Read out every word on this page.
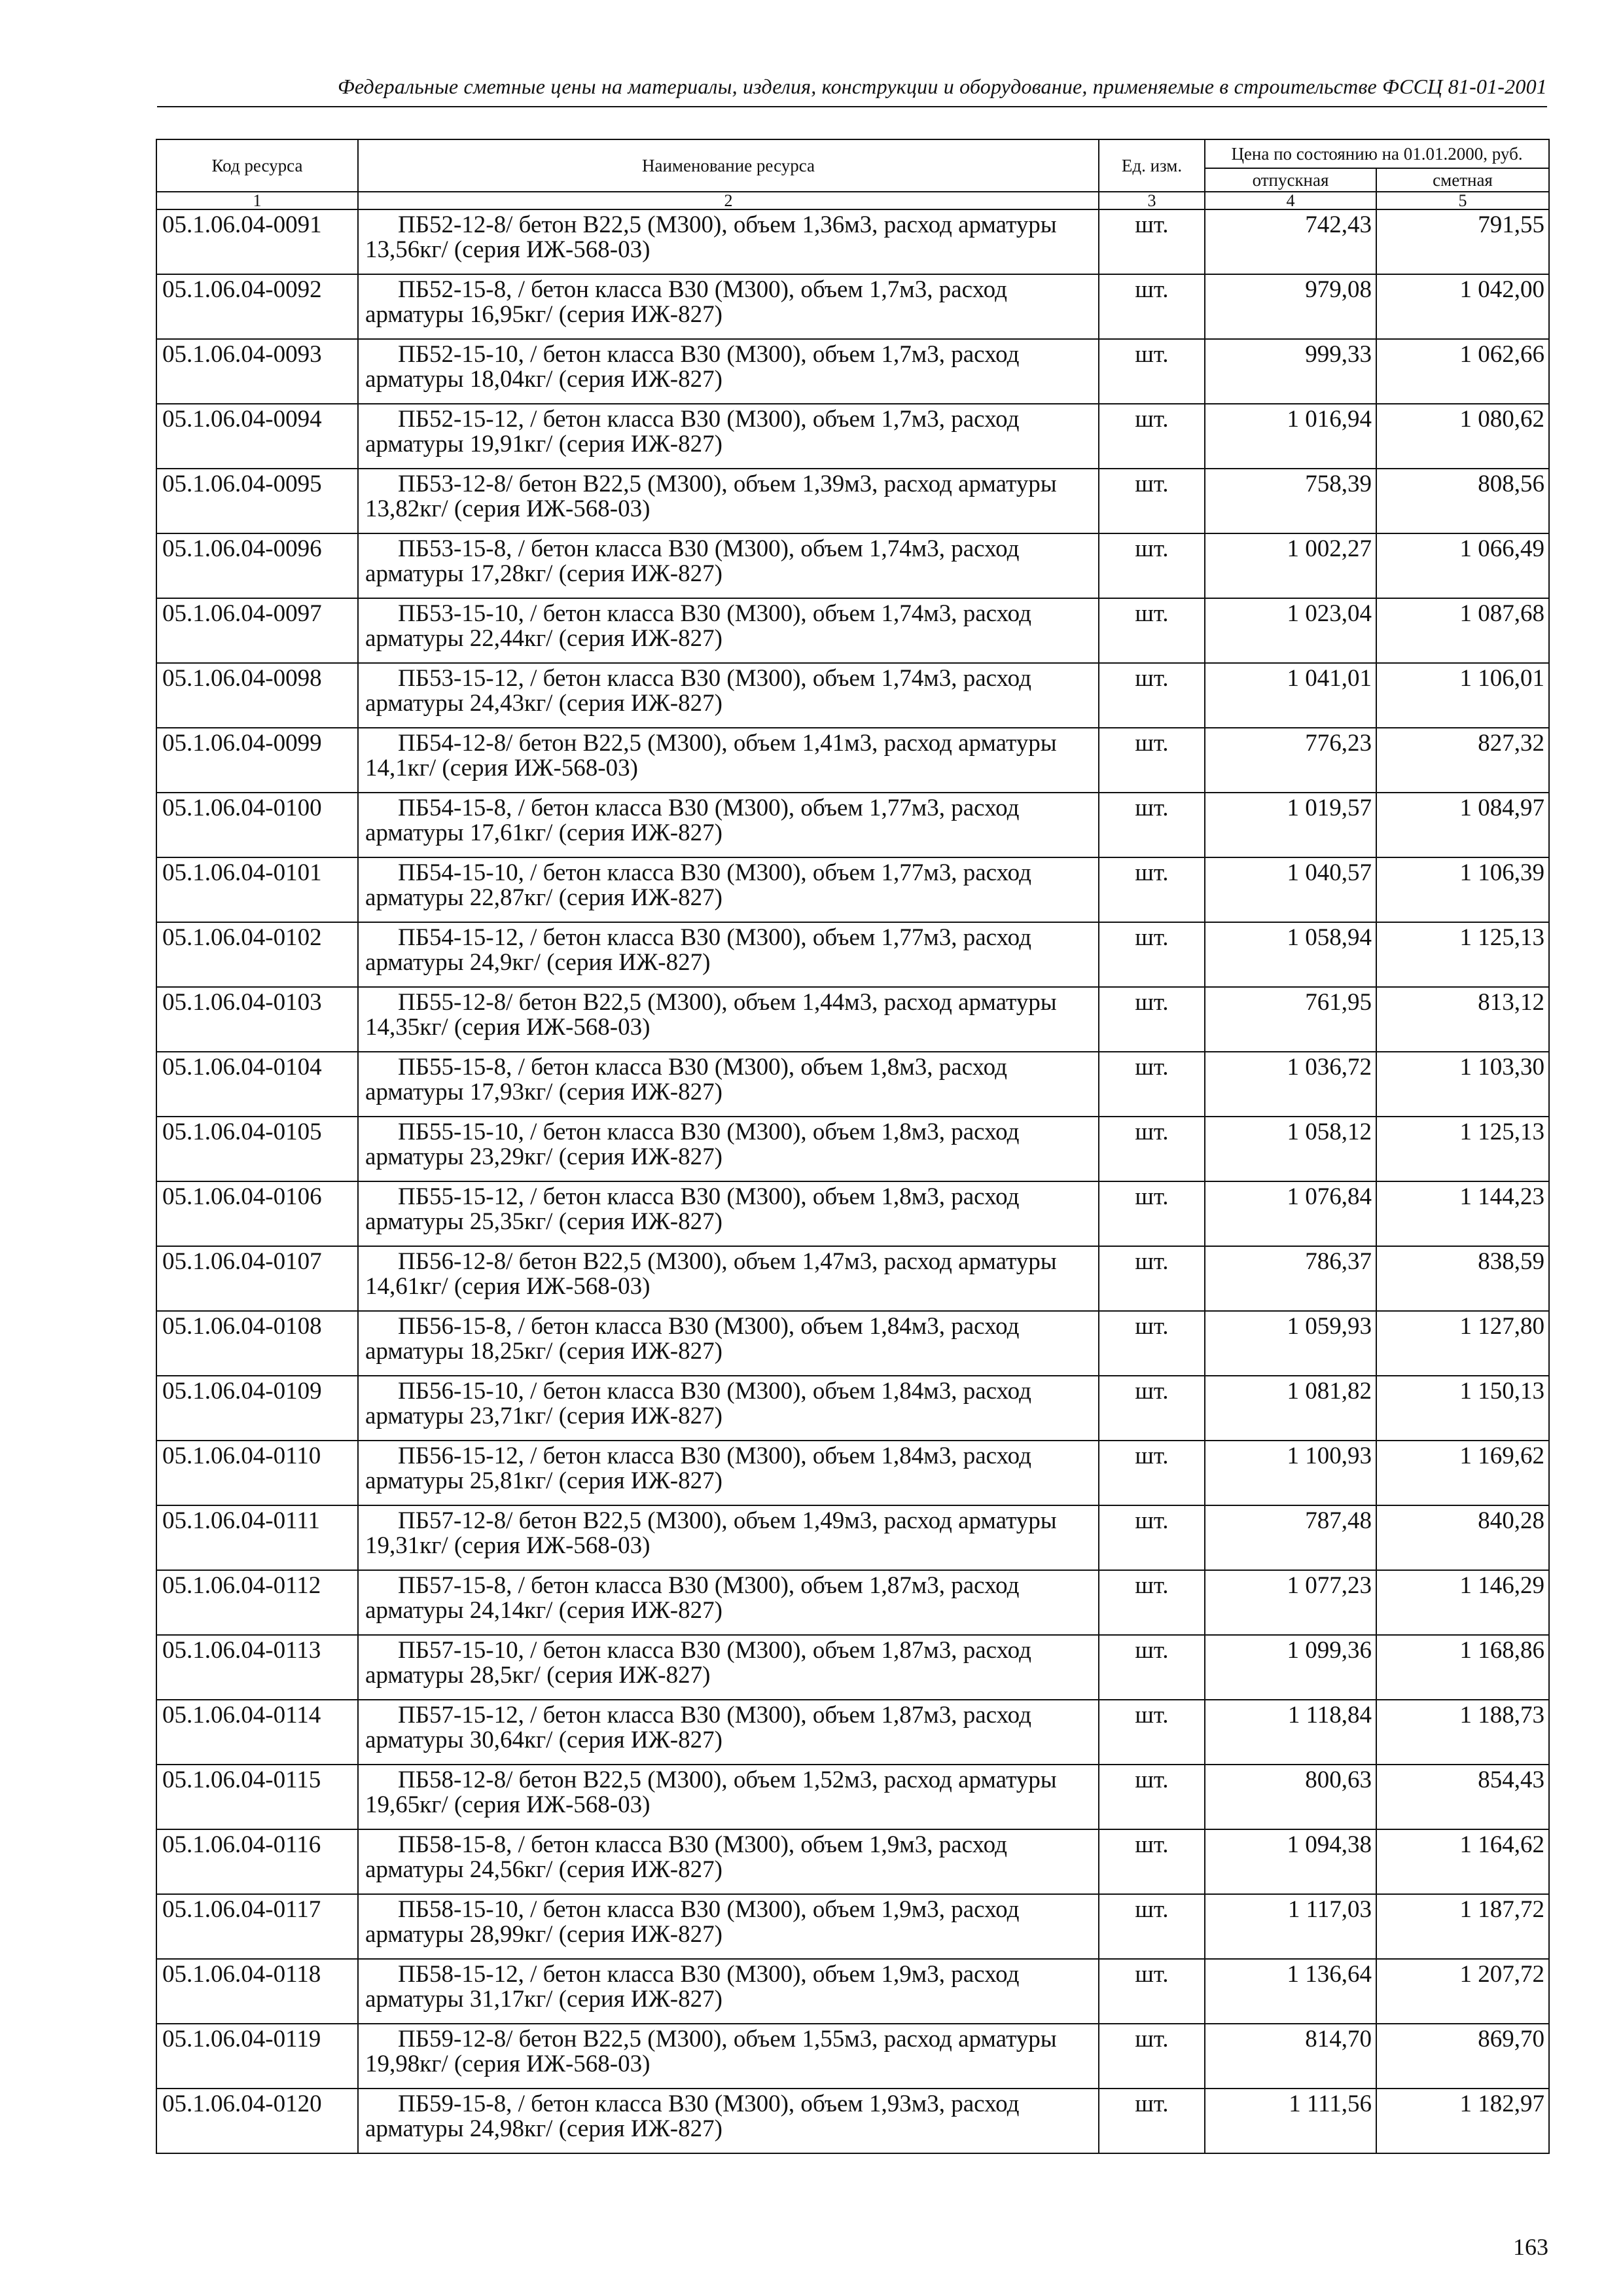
Федеральные сметные цены на материалы, изделия, конструкции и оборудование, применяемые в строительстве ФССЦ 81-01-2001
Код ресурса	Наименование ресурса	Ед. изм.	Цена по состоянию на 01.01.2000, руб.	
			отпускная	сметная
1	2	3	4	5
05.1.06.04-0091	ПБ52-12-8/ бетон В22,5 (М300), объем 1,36м3, расход арматуры 13,56кг/ (серия ИЖ-568-03)	шт.	742,43	791,55
05.1.06.04-0092	ПБ52-15-8, / бетон класса В30 (М300), объем 1,7м3, расход арматуры 16,95кг/ (серия ИЖ-827)	шт.	979,08	1 042,00
05.1.06.04-0093	ПБ52-15-10, / бетон класса В30 (М300), объем 1,7м3, расход арматуры 18,04кг/ (серия ИЖ-827)	шт.	999,33	1 062,66
05.1.06.04-0094	ПБ52-15-12, / бетон класса В30 (М300), объем 1,7м3, расход арматуры 19,91кг/ (серия ИЖ-827)	шт.	1 016,94	1 080,62
05.1.06.04-0095	ПБ53-12-8/ бетон В22,5 (М300), объем 1,39м3, расход арматуры 13,82кг/ (серия ИЖ-568-03)	шт.	758,39	808,56
05.1.06.04-0096	ПБ53-15-8, / бетон класса В30 (М300), объем 1,74м3, расход арматуры 17,28кг/ (серия ИЖ-827)	шт.	1 002,27	1 066,49
05.1.06.04-0097	ПБ53-15-10, / бетон класса В30 (М300), объем 1,74м3, расход арматуры 22,44кг/ (серия ИЖ-827)	шт.	1 023,04	1 087,68
05.1.06.04-0098	ПБ53-15-12, / бетон класса В30 (М300), объем 1,74м3, расход арматуры 24,43кг/ (серия ИЖ-827)	шт.	1 041,01	1 106,01
05.1.06.04-0099	ПБ54-12-8/ бетон В22,5 (М300), объем 1,41м3, расход арматуры 14,1кг/ (серия ИЖ-568-03)	шт.	776,23	827,32
05.1.06.04-0100	ПБ54-15-8, / бетон класса В30 (М300), объем 1,77м3, расход арматуры 17,61кг/ (серия ИЖ-827)	шт.	1 019,57	1 084,97
05.1.06.04-0101	ПБ54-15-10, / бетон класса В30 (М300), объем 1,77м3, расход арматуры 22,87кг/ (серия ИЖ-827)	шт.	1 040,57	1 106,39
05.1.06.04-0102	ПБ54-15-12, / бетон класса В30 (М300), объем 1,77м3, расход арматуры 24,9кг/ (серия ИЖ-827)	шт.	1 058,94	1 125,13
05.1.06.04-0103	ПБ55-12-8/ бетон В22,5 (М300), объем 1,44м3, расход арматуры 14,35кг/ (серия ИЖ-568-03)	шт.	761,95	813,12
05.1.06.04-0104	ПБ55-15-8, / бетон класса В30 (М300), объем 1,8м3, расход арматуры 17,93кг/ (серия ИЖ-827)	шт.	1 036,72	1 103,30
05.1.06.04-0105	ПБ55-15-10, / бетон класса В30 (М300), объем 1,8м3, расход арматуры 23,29кг/ (серия ИЖ-827)	шт.	1 058,12	1 125,13
05.1.06.04-0106	ПБ55-15-12, / бетон класса В30 (М300), объем 1,8м3, расход арматуры 25,35кг/ (серия ИЖ-827)	шт.	1 076,84	1 144,23
05.1.06.04-0107	ПБ56-12-8/ бетон В22,5 (М300), объем 1,47м3, расход арматуры 14,61кг/ (серия ИЖ-568-03)	шт.	786,37	838,59
05.1.06.04-0108	ПБ56-15-8, / бетон класса В30 (М300), объем 1,84м3, расход арматуры 18,25кг/ (серия ИЖ-827)	шт.	1 059,93	1 127,80
05.1.06.04-0109	ПБ56-15-10, / бетон класса В30 (М300), объем 1,84м3, расход арматуры 23,71кг/ (серия ИЖ-827)	шт.	1 081,82	1 150,13
05.1.06.04-0110	ПБ56-15-12, / бетон класса В30 (М300), объем 1,84м3, расход арматуры 25,81кг/ (серия ИЖ-827)	шт.	1 100,93	1 169,62
05.1.06.04-0111	ПБ57-12-8/ бетон В22,5 (М300), объем 1,49м3, расход арматуры 19,31кг/ (серия ИЖ-568-03)	шт.	787,48	840,28
05.1.06.04-0112	ПБ57-15-8, / бетон класса В30 (М300), объем 1,87м3, расход арматуры 24,14кг/ (серия ИЖ-827)	шт.	1 077,23	1 146,29
05.1.06.04-0113	ПБ57-15-10, / бетон класса В30 (М300), объем 1,87м3, расход арматуры 28,5кг/ (серия ИЖ-827)	шт.	1 099,36	1 168,86
05.1.06.04-0114	ПБ57-15-12, / бетон класса В30 (М300), объем 1,87м3, расход арматуры 30,64кг/ (серия ИЖ-827)	шт.	1 118,84	1 188,73
05.1.06.04-0115	ПБ58-12-8/ бетон В22,5 (М300), объем 1,52м3, расход арматуры 19,65кг/ (серия ИЖ-568-03)	шт.	800,63	854,43
05.1.06.04-0116	ПБ58-15-8, / бетон класса В30 (М300), объем 1,9м3, расход арматуры 24,56кг/ (серия ИЖ-827)	шт.	1 094,38	1 164,62
05.1.06.04-0117	ПБ58-15-10, / бетон класса В30 (М300), объем 1,9м3, расход арматуры 28,99кг/ (серия ИЖ-827)	шт.	1 117,03	1 187,72
05.1.06.04-0118	ПБ58-15-12, / бетон класса В30 (М300), объем 1,9м3, расход арматуры 31,17кг/ (серия ИЖ-827)	шт.	1 136,64	1 207,72
05.1.06.04-0119	ПБ59-12-8/ бетон В22,5 (М300), объем 1,55м3, расход арматуры 19,98кг/ (серия ИЖ-568-03)	шт.	814,70	869,70
05.1.06.04-0120	ПБ59-15-8, / бетон класса В30 (М300), объем 1,93м3, расход арматуры 24,98кг/ (серия ИЖ-827)	шт.	1 111,56	1 182,97
163
